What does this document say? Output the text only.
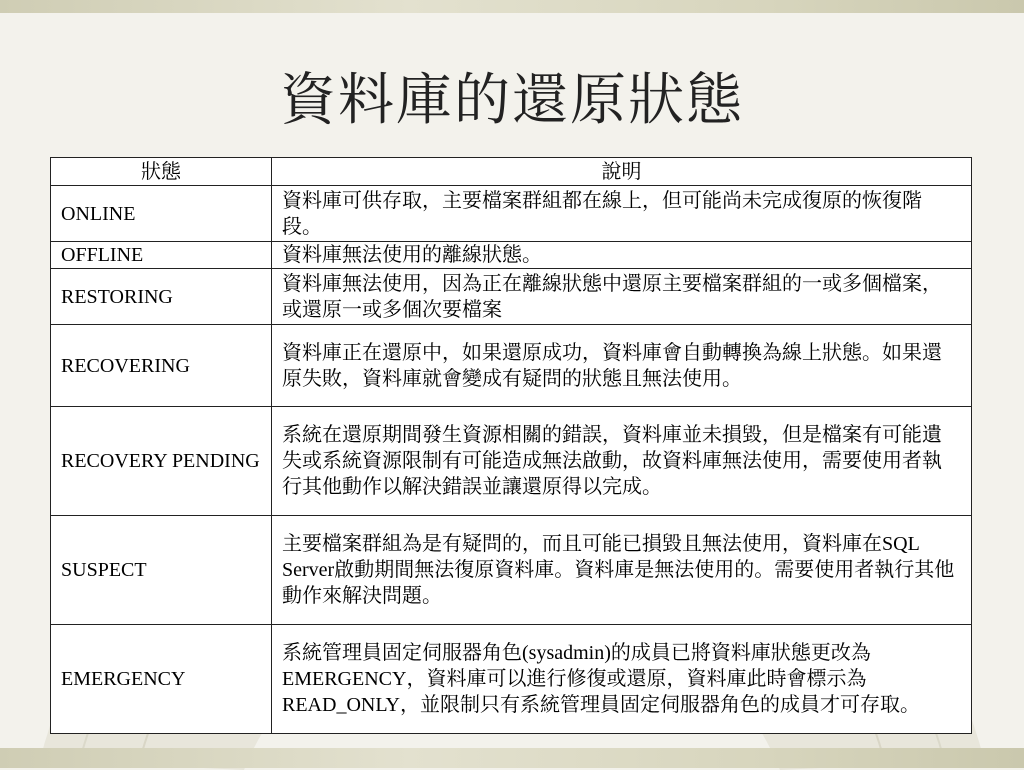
資料庫的還原狀態
狀態	說明
ONLINE	資料庫可供存取，主要檔案群組都在線上，但可能尚未完成復原的恢復階段。
OFFLINE	資料庫無法使用的離線狀態。
RESTORING	資料庫無法使用，因為正在離線狀態中還原主要檔案群組的一或多個檔案，或還原一或多個次要檔案
RECOVERING	資料庫正在還原中，如果還原成功，資料庫會自動轉換為線上狀態。如果還原失敗，資料庫就會變成有疑問的狀態且無法使用。
RECOVERY PENDING	系統在還原期間發生資源相關的錯誤，資料庫並未損毀，但是檔案有可能遺失或系統資源限制有可能造成無法啟動，故資料庫無法使用，需要使用者執行其他動作以解決錯誤並讓還原得以完成。
SUSPECT	主要檔案群組為是有疑問的，而且可能已損毀且無法使用，資料庫在SQL Server啟動期間無法復原資料庫。資料庫是無法使用的。需要使用者執行其他動作來解決問題。
EMERGENCY	系統管理員固定伺服器角色(sysadmin)的成員已將資料庫狀態更改為EMERGENCY，資料庫可以進行修復或還原，資料庫此時會標示為READ_ONLY，並限制只有系統管理員固定伺服器角色的成員才可存取。
